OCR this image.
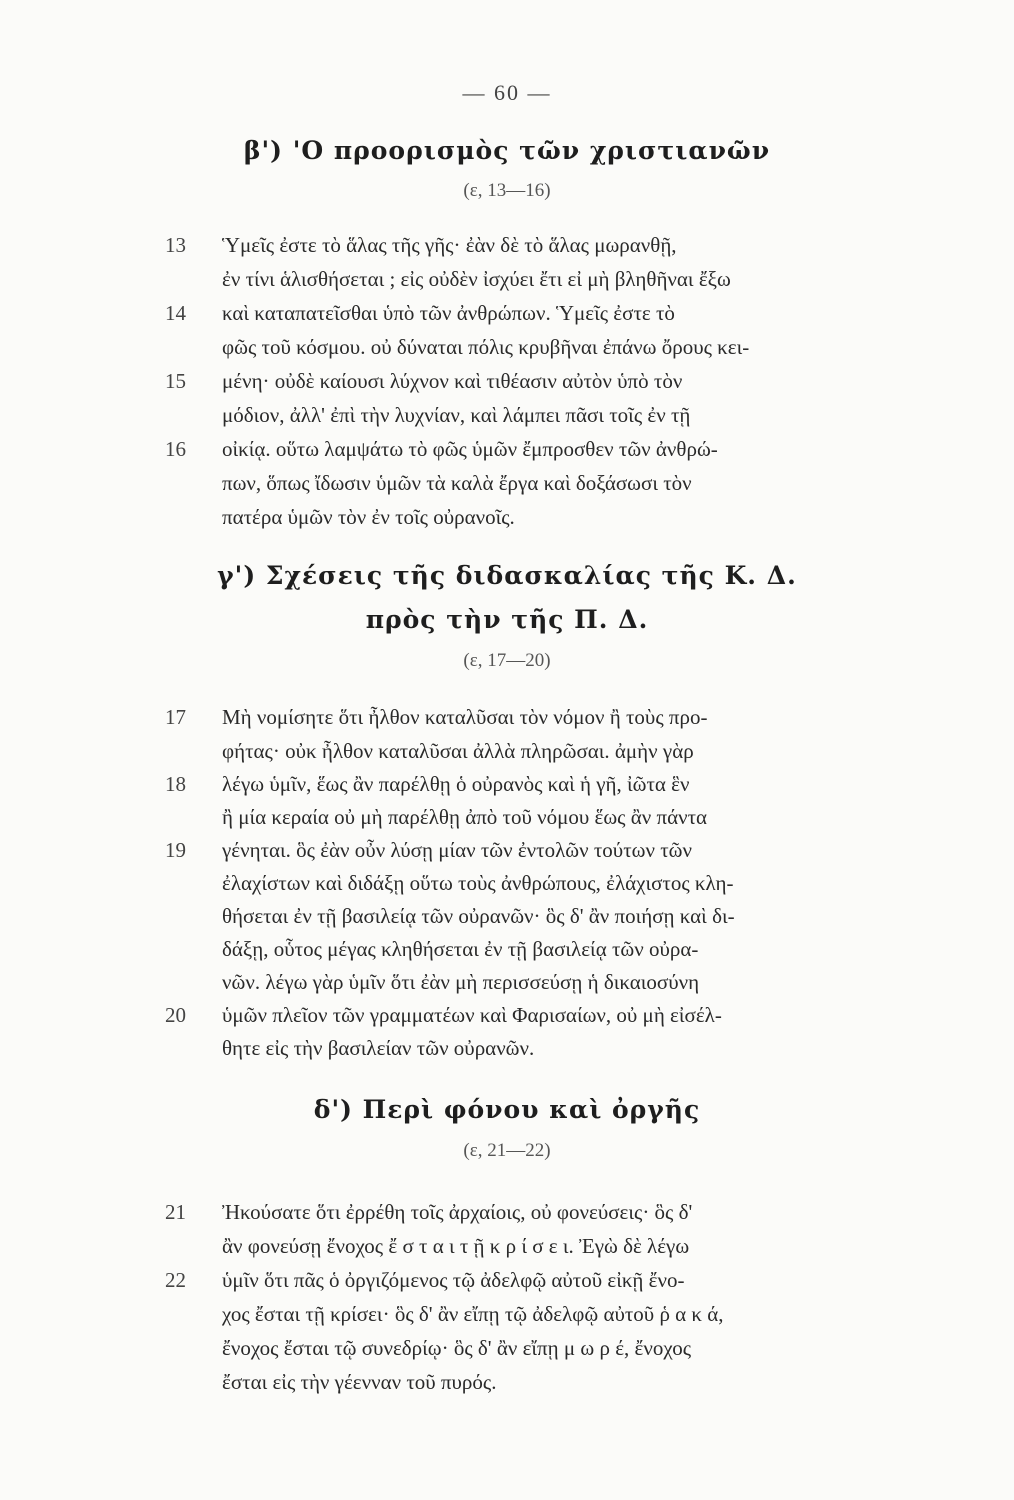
— 60 —
β') 'Ο προορισμὸς τῶν χριστιανῶν
(ε, 13—16)
13	Ὑμεῖς ἐστε τὸ ἅλας τῆς γῆς· ἐὰν δὲ τὸ ἅλας μωρανθῇ,
ἐν τίνι ἁλισθήσεται ; εἰς οὐδὲν ἰσχύει ἔτι εἰ μὴ βληθῆναι ἔξω
14	καὶ καταπατεῖσθαι ὑπὸ τῶν ἀνθρώπων. Ὑμεῖς ἐστε τὸ
φῶς τοῦ κόσμου. οὐ δύναται πόλις κρυβῆναι ἐπάνω ὄρους κει-
15	μένη· οὐδὲ καίουσι λύχνον καὶ τιθέασιν αὐτὸν ὑπὸ τὸν
μόδιον, ἀλλ' ἐπὶ τὴν λυχνίαν, καὶ λάμπει πᾶσι τοῖς ἐν τῇ
16	οἰκίᾳ. οὕτω λαμψάτω τὸ φῶς ὑμῶν ἔμπροσθεν τῶν ἀνθρώ-
πων, ὅπως ἴδωσιν ὑμῶν τὰ καλὰ ἔργα καὶ δοξάσωσι τὸν
πατέρα ὑμῶν τὸν ἐν τοῖς οὐρανοῖς.
γ') Σχέσεις τῆς διδασκαλίας τῆς Κ. Δ.
πρὸς τὴν τῆς Π. Δ.
(ε, 17—20)
17	Μὴ νομίσητε ὅτι ἦλθον καταλῦσαι τὸν νόμον ἢ τοὺς προ-
φήτας· οὐκ ἦλθον καταλῦσαι ἀλλὰ πληρῶσαι. ἀμὴν γὰρ
18	λέγω ὑμῖν, ἕως ἂν παρέλθῃ ὁ οὐρανὸς καὶ ἡ γῆ, ἰῶτα ἓν
ἢ μία κεραία οὐ μὴ παρέλθῃ ἀπὸ τοῦ νόμου ἕως ἂν πάντα
19	γένηται. ὃς ἐὰν οὖν λύσῃ μίαν τῶν ἐντολῶν τούτων τῶν
ἐλαχίστων καὶ διδάξῃ οὕτω τοὺς ἀνθρώπους, ἐλάχιστος κλη-
θήσεται ἐν τῇ βασιλείᾳ τῶν οὐρανῶν· ὃς δ' ἂν ποιήσῃ καὶ δι-
δάξῃ, οὗτος μέγας κληθήσεται ἐν τῇ βασιλείᾳ τῶν οὐρα-
νῶν. λέγω γὰρ ὑμῖν ὅτι ἐὰν μὴ περισσεύσῃ ἡ δικαιοσύνη
20	ὑμῶν πλεῖον τῶν γραμματέων καὶ Φαρισαίων, οὐ μὴ εἰσέλ-
θητε εἰς τὴν βασιλείαν τῶν οὐρανῶν.
δ') Περὶ φόνου καὶ ὀργῆς
(ε, 21—22)
21	Ἠκούσατε ὅτι ἐρρέθη τοῖς ἀρχαίοις, οὐ φονεύσεις· ὃς δ'
ἂν φονεύσῃ ἔνοχος ἔ σ τ α ι τ ῇ κ ρ ί σ ε ι. Ἐγὼ δὲ λέγω
22	ὑμῖν ὅτι πᾶς ὁ ὀργιζόμενος τῷ ἀδελφῷ αὐτοῦ εἰκῇ ἔνο-
χος ἔσται τῇ κρίσει· ὃς δ' ἂν εἴπῃ τῷ ἀδελφῷ αὐτοῦ ῥ α κ ά,
ἔνοχος ἔσται τῷ συνεδρίῳ· ὃς δ' ἂν εἴπῃ μ ω ρ έ, ἔνοχος
ἔσται εἰς τὴν γέενναν τοῦ πυρός.
